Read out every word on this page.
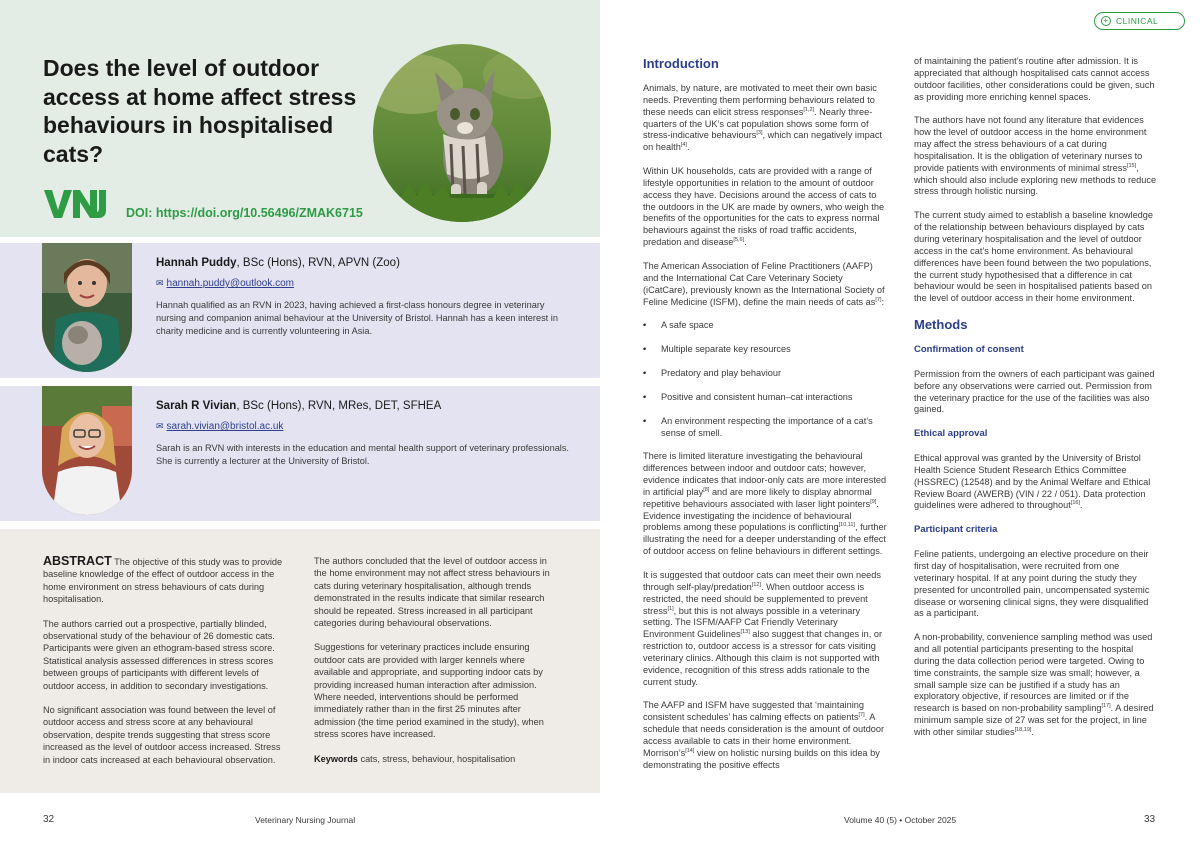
Does the level of outdoor access at home affect stress behaviours in hospitalised cats?
VNJ
DOI: https://doi.org/10.56496/ZMAK6715
Hannah Puddy, BSc (Hons), RVN, APVN (Zoo)
✉ hannah.puddy@outlook.com
Hannah qualified as an RVN in 2023, having achieved a first-class honours degree in veterinary nursing and companion animal behaviour at the University of Bristol. Hannah has a keen interest in charity medicine and is currently volunteering in Asia.
Sarah R Vivian, BSc (Hons), RVN, MRes, DET, SFHEA
✉ sarah.vivian@bristol.ac.uk
Sarah is an RVN with interests in the education and mental health support of veterinary professionals. She is currently a lecturer at the University of Bristol.

ABSTRACT The objective of this study was to provide baseline knowledge of the effect of outdoor access in the home environment on stress behaviours of cats during hospitalisation.

The authors carried out a prospective, partially blinded, observational study of the behaviour of 26 domestic cats. Participants were given an ethogram-based stress score. Statistical analysis assessed differences in stress scores between groups of participants with different levels of outdoor access, in addition to secondary investigations.

No significant association was found between the level of outdoor access and stress score at any behavioural observation, despite trends suggesting that stress score increased as the level of outdoor access increased. Stress in indoor cats increased at each behavioural observation.

The authors concluded that the level of outdoor access in the home environment may not affect stress behaviours in cats during veterinary hospitalisation, although trends demonstrated in the results indicate that similar research should be repeated. Stress increased in all participant categories during behavioural observations.

Suggestions for veterinary practices include ensuring outdoor cats are provided with larger kennels where available and appropriate, and supporting indoor cats by providing increased human interaction after admission. Where needed, interventions should be performed immediately rather than in the first 25 minutes after admission (the time period examined in the study), when stress scores have increased.

Keywords cats, stress, behaviour, hospitalisation

32	Veterinary Nursing Journal
+ CLINICAL
Introduction

Animals, by nature, are motivated to meet their own basic needs. Preventing them performing behaviours related to these needs can elicit stress responses[1,2]. Nearly three-quarters of the UK’s cat population shows some form of stress-indicative behaviours[3], which can negatively impact on health[4].

Within UK households, cats are provided with a range of lifestyle opportunities in relation to the amount of outdoor access they have. Decisions around the access of cats to the outdoors in the UK are made by owners, who weigh the benefits of the opportunities for the cats to express normal behaviours against the risks of road traffic accidents, predation and disease[5,6].

The American Association of Feline Practitioners (AAFP) and the International Cat Care Veterinary Society (iCatCare), previously known as the International Society of Feline Medicine (ISFM), define the main needs of cats as[7]:

• A safe space
• Multiple separate key resources
• Predatory and play behaviour
• Positive and consistent human–cat interactions
• An environment respecting the importance of a cat’s sense of smell.

There is limited literature investigating the behavioural differences between indoor and outdoor cats; however, evidence indicates that indoor-only cats are more interested in artificial play[8] and are more likely to display abnormal repetitive behaviours associated with laser light pointers[9]. Evidence investigating the incidence of behavioural problems among these populations is conflicting[10,11], further illustrating the need for a deeper understanding of the effect of outdoor access on feline behaviours in different settings.

It is suggested that outdoor cats can meet their own needs through self-play/predation[12]. When outdoor access is restricted, the need should be supplemented to prevent stress[1], but this is not always possible in a veterinary setting. The ISFM/AAFP Cat Friendly Veterinary Environment Guidelines[13] also suggest that changes in, or restriction to, outdoor access is a stressor for cats visiting veterinary clinics. Although this claim is not supported with evidence, recognition of this stress adds rationale to the current study.

The AAFP and ISFM have suggested that ‘maintaining consistent schedules’ has calming effects on patients[7]. A schedule that needs consideration is the amount of outdoor access available to cats in their home environment. Morrison’s[14] view on holistic nursing builds on this idea by demonstrating the positive effects

of maintaining the patient’s routine after admission. It is appreciated that although hospitalised cats cannot access outdoor facilities, other considerations could be given, such as providing more enriching kennel spaces.

The authors have not found any literature that evidences how the level of outdoor access in the home environment may affect the stress behaviours of a cat during hospitalisation. It is the obligation of veterinary nurses to provide patients with environments of minimal stress[15], which should also include exploring new methods to reduce stress through holistic nursing.

The current study aimed to establish a baseline knowledge of the relationship between behaviours displayed by cats during veterinary hospitalisation and the level of outdoor access in the cat’s home environment. As behavioural differences have been found between the two populations, the current study hypothesised that a difference in cat behaviour would be seen in hospitalised patients based on the level of outdoor access in their home environment.

Methods
Confirmation of consent

Permission from the owners of each participant was gained before any observations were carried out. Permission from the veterinary practice for the use of the facilities was also gained.

Ethical approval

Ethical approval was granted by the University of Bristol Health Science Student Research Ethics Committee (HSSREC) (12548) and by the Animal Welfare and Ethical Review Board (AWERB) (VIN / 22 / 051). Data protection guidelines were adhered to throughout[16].

Participant criteria

Feline patients, undergoing an elective procedure on their first day of hospitalisation, were recruited from one veterinary hospital. If at any point during the study they presented for uncontrolled pain, uncompensated systemic disease or worsening clinical signs, they were disqualified as a participant.

A non-probability, convenience sampling method was used and all potential participants presenting to the hospital during the data collection period were targeted. Owing to time constraints, the sample size was small; however, a small sample size can be justified if a study has an exploratory objective, if resources are limited or if the research is based on non-probability sampling[17]. A desired minimum sample size of 27 was set for the project, in line with other similar studies[18,19].

Volume 40 (5) • October 2025	33
